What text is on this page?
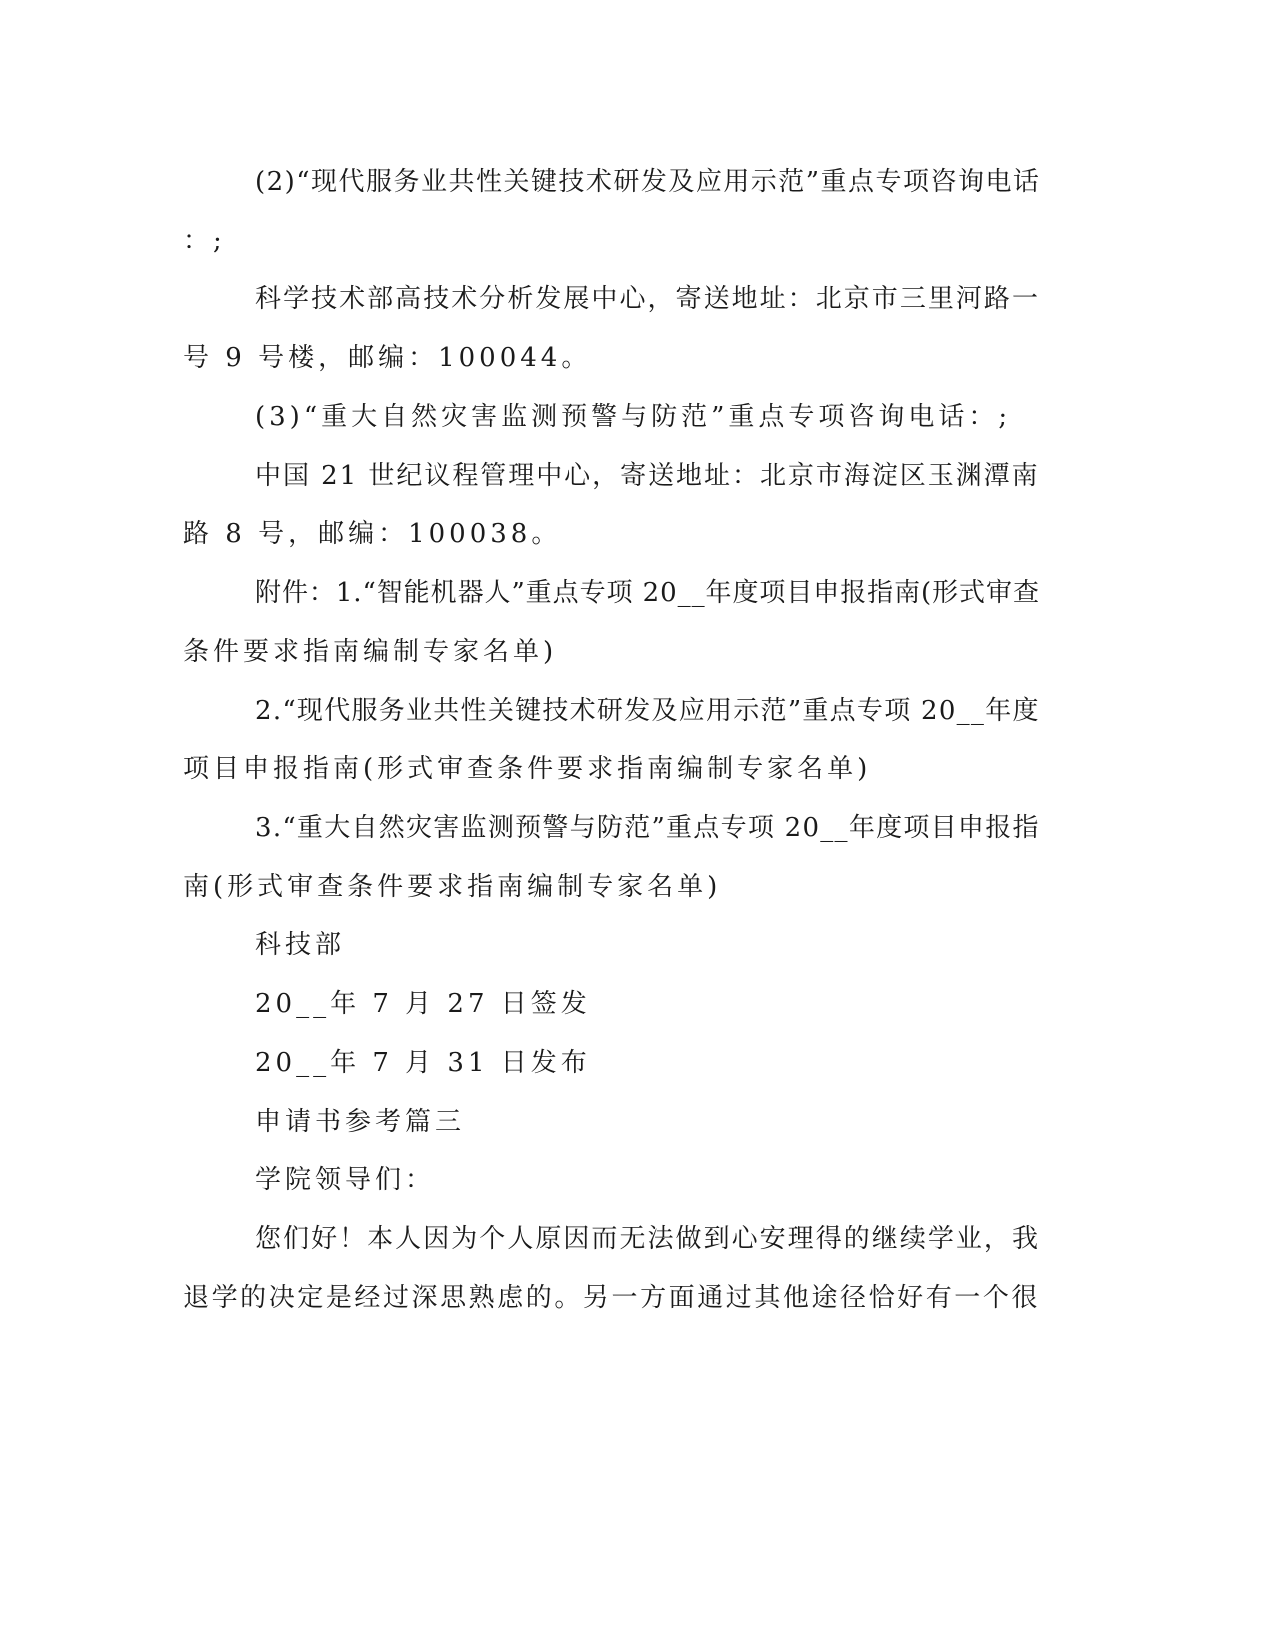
(2)“现代服务业共性关键技术研发及应用示范”重点专项咨询电话
：;
科学技术部高技术分析发展中心，寄送地址：北京市三里河路一
号 9 号楼，邮编：100044。
(3)“重大自然灾害监测预警与防范”重点专项咨询电话：;
中国 21 世纪议程管理中心，寄送地址：北京市海淀区玉渊潭南
路 8 号，邮编：100038。
附件：1.“智能机器人”重点专项 20__年度项目申报指南(形式审查
条件要求指南编制专家名单)
2.“现代服务业共性关键技术研发及应用示范”重点专项 20__年度
项目申报指南(形式审查条件要求指南编制专家名单)
3.“重大自然灾害监测预警与防范”重点专项 20__年度项目申报指
南(形式审查条件要求指南编制专家名单)
科技部
20__年 7 月 27 日签发
20__年 7 月 31 日发布
申请书参考篇三
学院领导们：
您们好！本人因为个人原因而无法做到心安理得的继续学业，我
退学的决定是经过深思熟虑的。另一方面通过其他途径恰好有一个很
